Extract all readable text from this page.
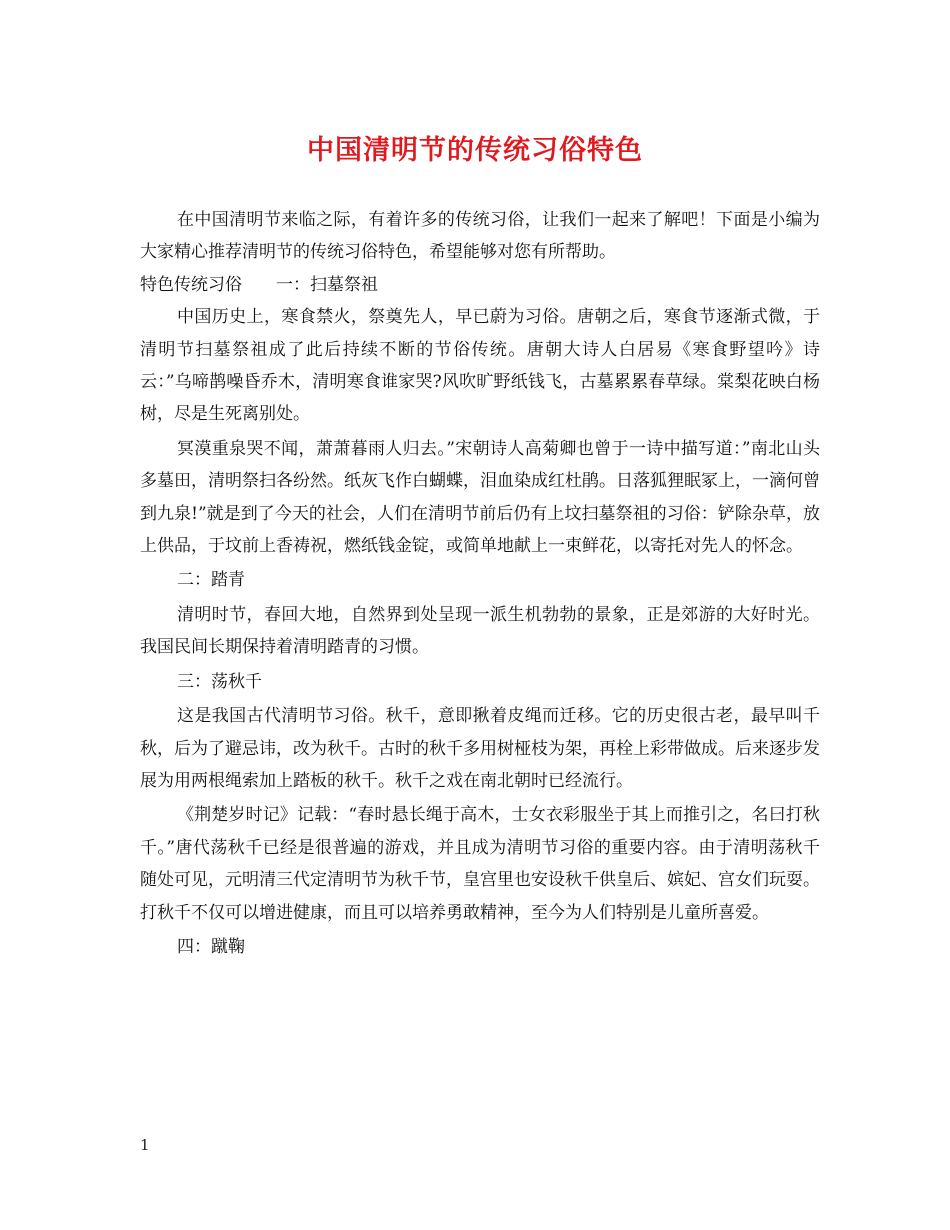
中国清明节的传统习俗特色

在中国清明节来临之际，有着许多的传统习俗，让我们一起来了解吧！下面是小编为大家精心推荐清明节的传统习俗特色，希望能够对您有所帮助。

特色传统习俗　　一：扫墓祭祖

中国历史上，寒食禁火，祭奠先人，早已蔚为习俗。唐朝之后，寒食节逐渐式微，于清明节扫墓祭祖成了此后持续不断的节俗传统。唐朝大诗人白居易《寒食野望吟》诗云：”乌啼鹊噪昏乔木，清明寒食谁家哭?风吹旷野纸钱飞，古墓累累春草绿。棠梨花映白杨树，尽是生死离别处。

冥漠重泉哭不闻，萧萧暮雨人归去。”宋朝诗人高菊卿也曾于一诗中描写道：”南北山头多墓田，清明祭扫各纷然。纸灰飞作白蝴蝶，泪血染成红杜鹃。日落狐狸眠冢上，一滴何曾到九泉!”就是到了今天的社会，人们在清明节前后仍有上坟扫墓祭祖的习俗：铲除杂草，放上供品，于坟前上香祷祝，燃纸钱金锭，或简单地献上一束鲜花，以寄托对先人的怀念。

二：踏青

清明时节，春回大地，自然界到处呈现一派生机勃勃的景象，正是郊游的大好时光。我国民间长期保持着清明踏青的习惯。

三：荡秋千

这是我国古代清明节习俗。秋千，意即揪着皮绳而迁移。它的历史很古老，最早叫千秋，后为了避忌讳，改为秋千。古时的秋千多用树桠枝为架，再栓上彩带做成。后来逐步发展为用两根绳索加上踏板的秋千。秋千之戏在南北朝时已经流行。

《荆楚岁时记》记载：“春时悬长绳于高木，士女衣彩服坐于其上而推引之，名曰打秋千。”唐代荡秋千已经是很普遍的游戏，并且成为清明节习俗的重要内容。由于清明荡秋千随处可见，元明清三代定清明节为秋千节，皇宫里也安设秋千供皇后、嫔妃、宫女们玩耍。打秋千不仅可以增进健康，而且可以培养勇敢精神，至今为人们特别是儿童所喜爱。

四：蹴鞠

1
